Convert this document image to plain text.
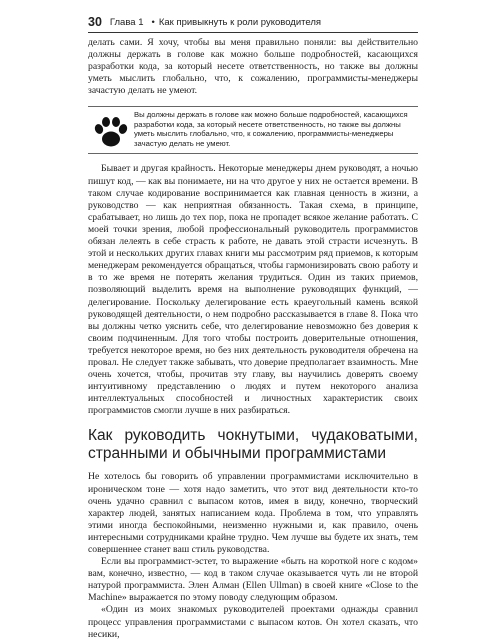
30 Глава 1 • Как привыкнуть к роли руководителя

делать сами. Я хочу, чтобы вы меня правильно поняли: вы действительно должны держать в голове как можно больше подробностей, касающихся разработки кода, за который несете ответственность, но также вы должны уметь мыслить глобально, что, к сожалению, программисты-менеджеры зачастую делать не умеют.

Вы должны держать в голове как можно больше подробностей, касающихся разработки кода, за который несете ответственность, но также вы должны уметь мыслить глобально, что, к сожалению, программисты-менеджеры зачастую делать не умеют.

Бывает и другая крайность. Некоторые менеджеры днем руководят, а ночью пишут код, — как вы понимаете, ни на что другое у них не остается времени. В таком случае кодирование воспринимается как главная ценность в жизни, а руководство — как неприятная обязанность. Такая схема, в принципе, срабатывает, но лишь до тех пор, пока не пропадет всякое желание работать. С моей точки зрения, любой профессиональный руководитель программистов обязан лелеять в себе страсть к работе, не давать этой страсти исчезнуть. В этой и нескольких других главах книги мы рассмотрим ряд приемов, к которым менеджерам рекомендуется обращаться, чтобы гармонизировать свою работу и в то же время не потерять желания трудиться. Один из таких приемов, позволяющий выделить время на выполнение руководящих функций, — делегирование. Поскольку делегирование есть краеугольный камень всякой руководящей деятельности, о нем подробно рассказывается в главе 8. Пока что вы должны четко уяснить себе, что делегирование невозможно без доверия к своим подчиненным. Для того чтобы построить доверительные отношения, требуется некоторое время, но без них деятельность руководителя обречена на провал. Не следует также забывать, что доверие предполагает взаимность. Мне очень хочется, чтобы, прочитав эту главу, вы научились доверять своему интуитивному представлению о людях и путем некоторого анализа интеллектуальных способностей и личностных характеристик своих программистов смогли лучше в них разбираться.

Как руководить чокнутыми, чудаковатыми, странными и обычными программистами

Не хотелось бы говорить об управлении программистами исключительно в ироническом тоне — хотя надо заметить, что этот вид деятельности кто-то очень удачно сравнил с выпасом котов, имея в виду, конечно, творческий характер людей, занятых написанием кода. Проблема в том, что управлять этими иногда беспокойными, неизменно нужными и, как правило, очень интересными сотрудниками крайне трудно. Чем лучше вы будете их знать, тем совершеннее станет ваш стиль руководства.

Если вы программист-эстет, то выражение «быть на короткой ноге с кодом» вам, конечно, известно, — код в таком случае оказывается чуть ли не второй натурой программиста. Элен Алман (Ellen Ullman) в своей книге «Close to the Machine» выражается по этому поводу следующим образом.

«Один из моих знакомых руководителей проектами однажды сравнил процесс управления программистами с выпасом котов. Он хотел сказать, что несики,
